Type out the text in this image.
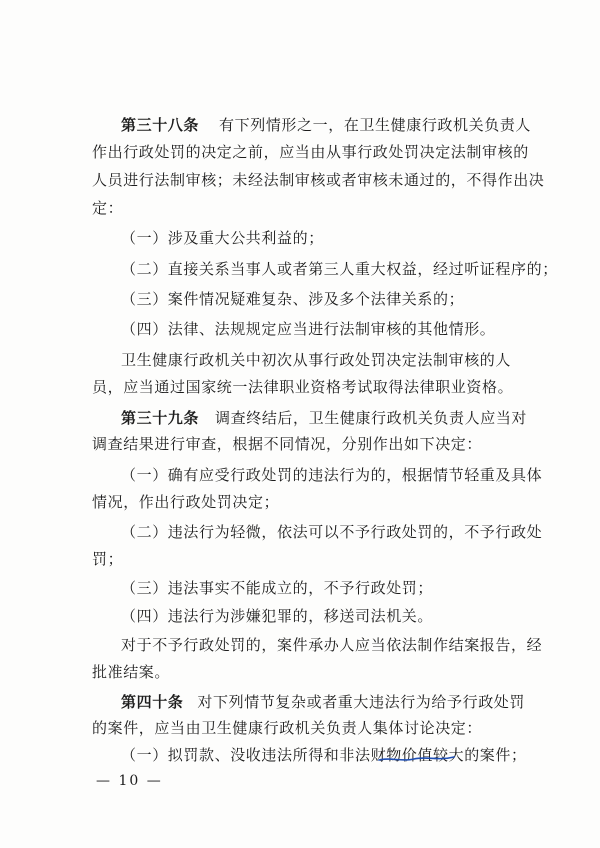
第三十八条 有下列情形之一，在卫生健康行政机关负责人
作出行政处罚的决定之前，应当由从事行政处罚决定法制审核的
人员进行法制审核；未经法制审核或者审核未通过的，不得作出决
定：
（一）涉及重大公共利益的；
（二）直接关系当事人或者第三人重大权益，经过听证程序的；
（三）案件情况疑难复杂、涉及多个法律关系的；
（四）法律、法规规定应当进行法制审核的其他情形。
卫生健康行政机关中初次从事行政处罚决定法制审核的人
员，应当通过国家统一法律职业资格考试取得法律职业资格。
第三十九条 调查终结后，卫生健康行政机关负责人应当对
调查结果进行审查，根据不同情况，分别作出如下决定：
（一）确有应受行政处罚的违法行为的，根据情节轻重及具体
情况，作出行政处罚决定；
（二）违法行为轻微，依法可以不予行政处罚的，不予行政处
罚；
（三）违法事实不能成立的，不予行政处罚；
（四）违法行为涉嫌犯罪的，移送司法机关。
对于不予行政处罚的，案件承办人应当依法制作结案报告，经
批准结案。
第四十条 对下列情节复杂或者重大违法行为给予行政处罚
的案件，应当由卫生健康行政机关负责人集体讨论决定：
（一）拟罚款、没收违法所得和非法财物价值较大的案件；
— 10 —
